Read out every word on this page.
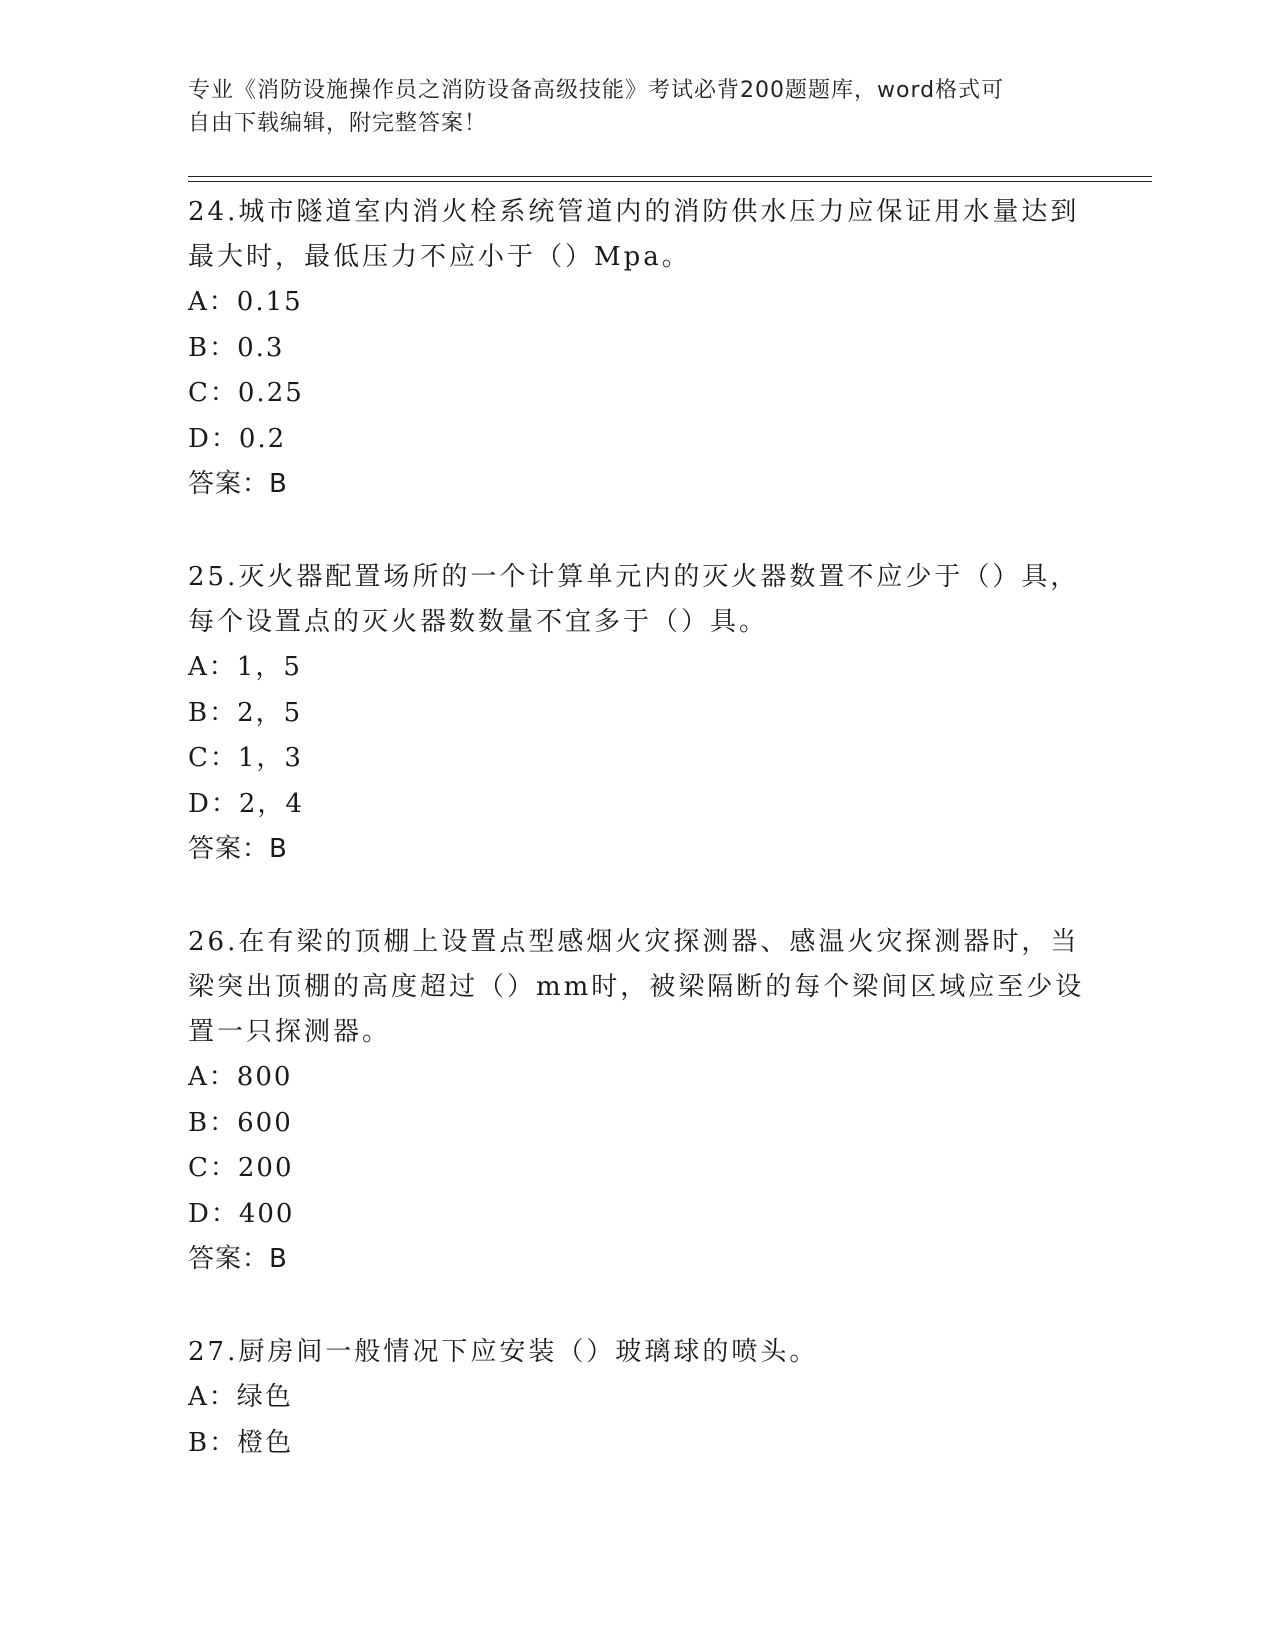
专业《消防设施操作员之消防设备高级技能》考试必背200题题库，word格式可
自由下载编辑，附完整答案！

24.城市隧道室内消火栓系统管道内的消防供水压力应保证用水量达到
最大时，最低压力不应小于（）Mpa。

A：0.15

B：0.3

C：0.25

D：0.2

答案：B

25.灭火器配置场所的一个计算单元内的灭火器数置不应少于（）具，
每个设置点的灭火器数数量不宜多于（）具。

A：1，5

B：2，5

C：1，3

D：2，4

答案：B

26.在有梁的顶棚上设置点型感烟火灾探测器、感温火灾探测器时，当
梁突出顶棚的高度超过（）mm时，被梁隔断的每个梁间区域应至少设
置一只探测器。

A：800

B：600

C：200

D：400

答案：B

27.厨房间一般情况下应安装（）玻璃球的喷头。

A：绿色

B：橙色
